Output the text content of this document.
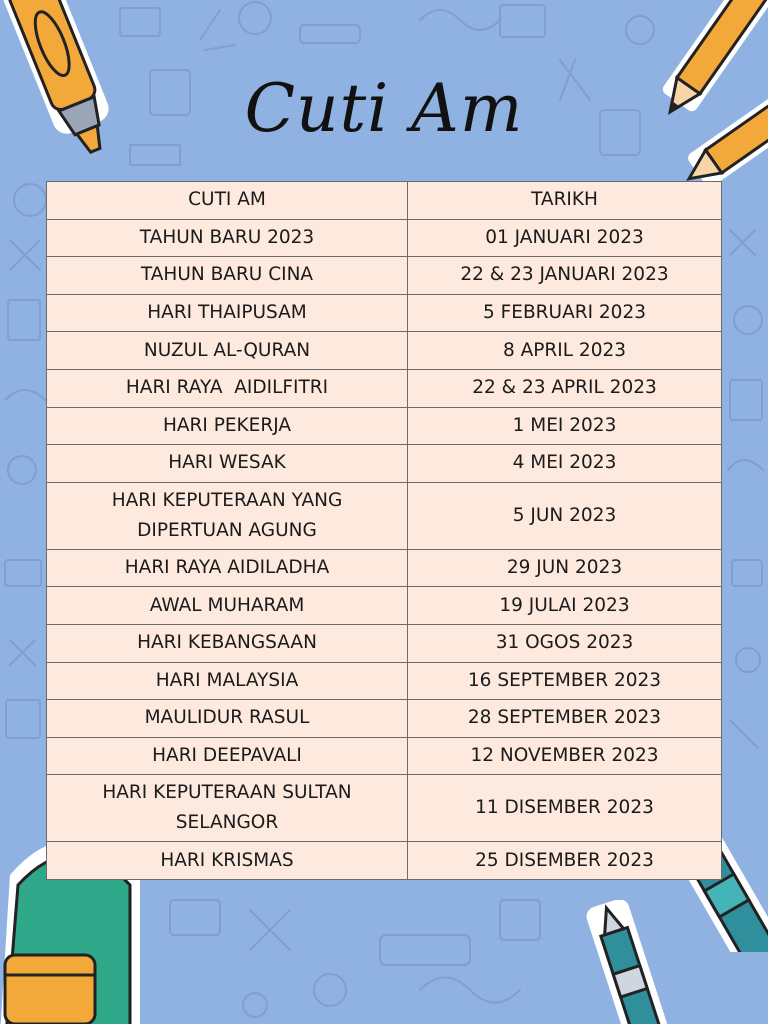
Cuti Am
CUTI AM	TARIKH
TAHUN BARU 2023	01 JANUARI 2023
TAHUN BARU CINA	22 & 23 JANUARI 2023
HARI THAIPUSAM	5 FEBRUARI 2023
NUZUL AL-QURAN	8 APRIL 2023
HARI RAYA  AIDILFITRI	22 & 23 APRIL 2023
HARI PEKERJA	1 MEI 2023
HARI WESAK	4 MEI 2023
HARI KEPUTERAAN YANG DIPERTUAN AGUNG	5 JUN 2023
HARI RAYA AIDILADHA	29 JUN 2023
AWAL MUHARAM	19 JULAI 2023
HARI KEBANGSAAN	31 OGOS 2023
HARI MALAYSIA	16 SEPTEMBER 2023
MAULIDUR RASUL	28 SEPTEMBER 2023
HARI DEEPAVALI	12 NOVEMBER 2023
HARI KEPUTERAAN SULTAN SELANGOR	11 DISEMBER 2023
HARI KRISMAS	25 DISEMBER 2023
